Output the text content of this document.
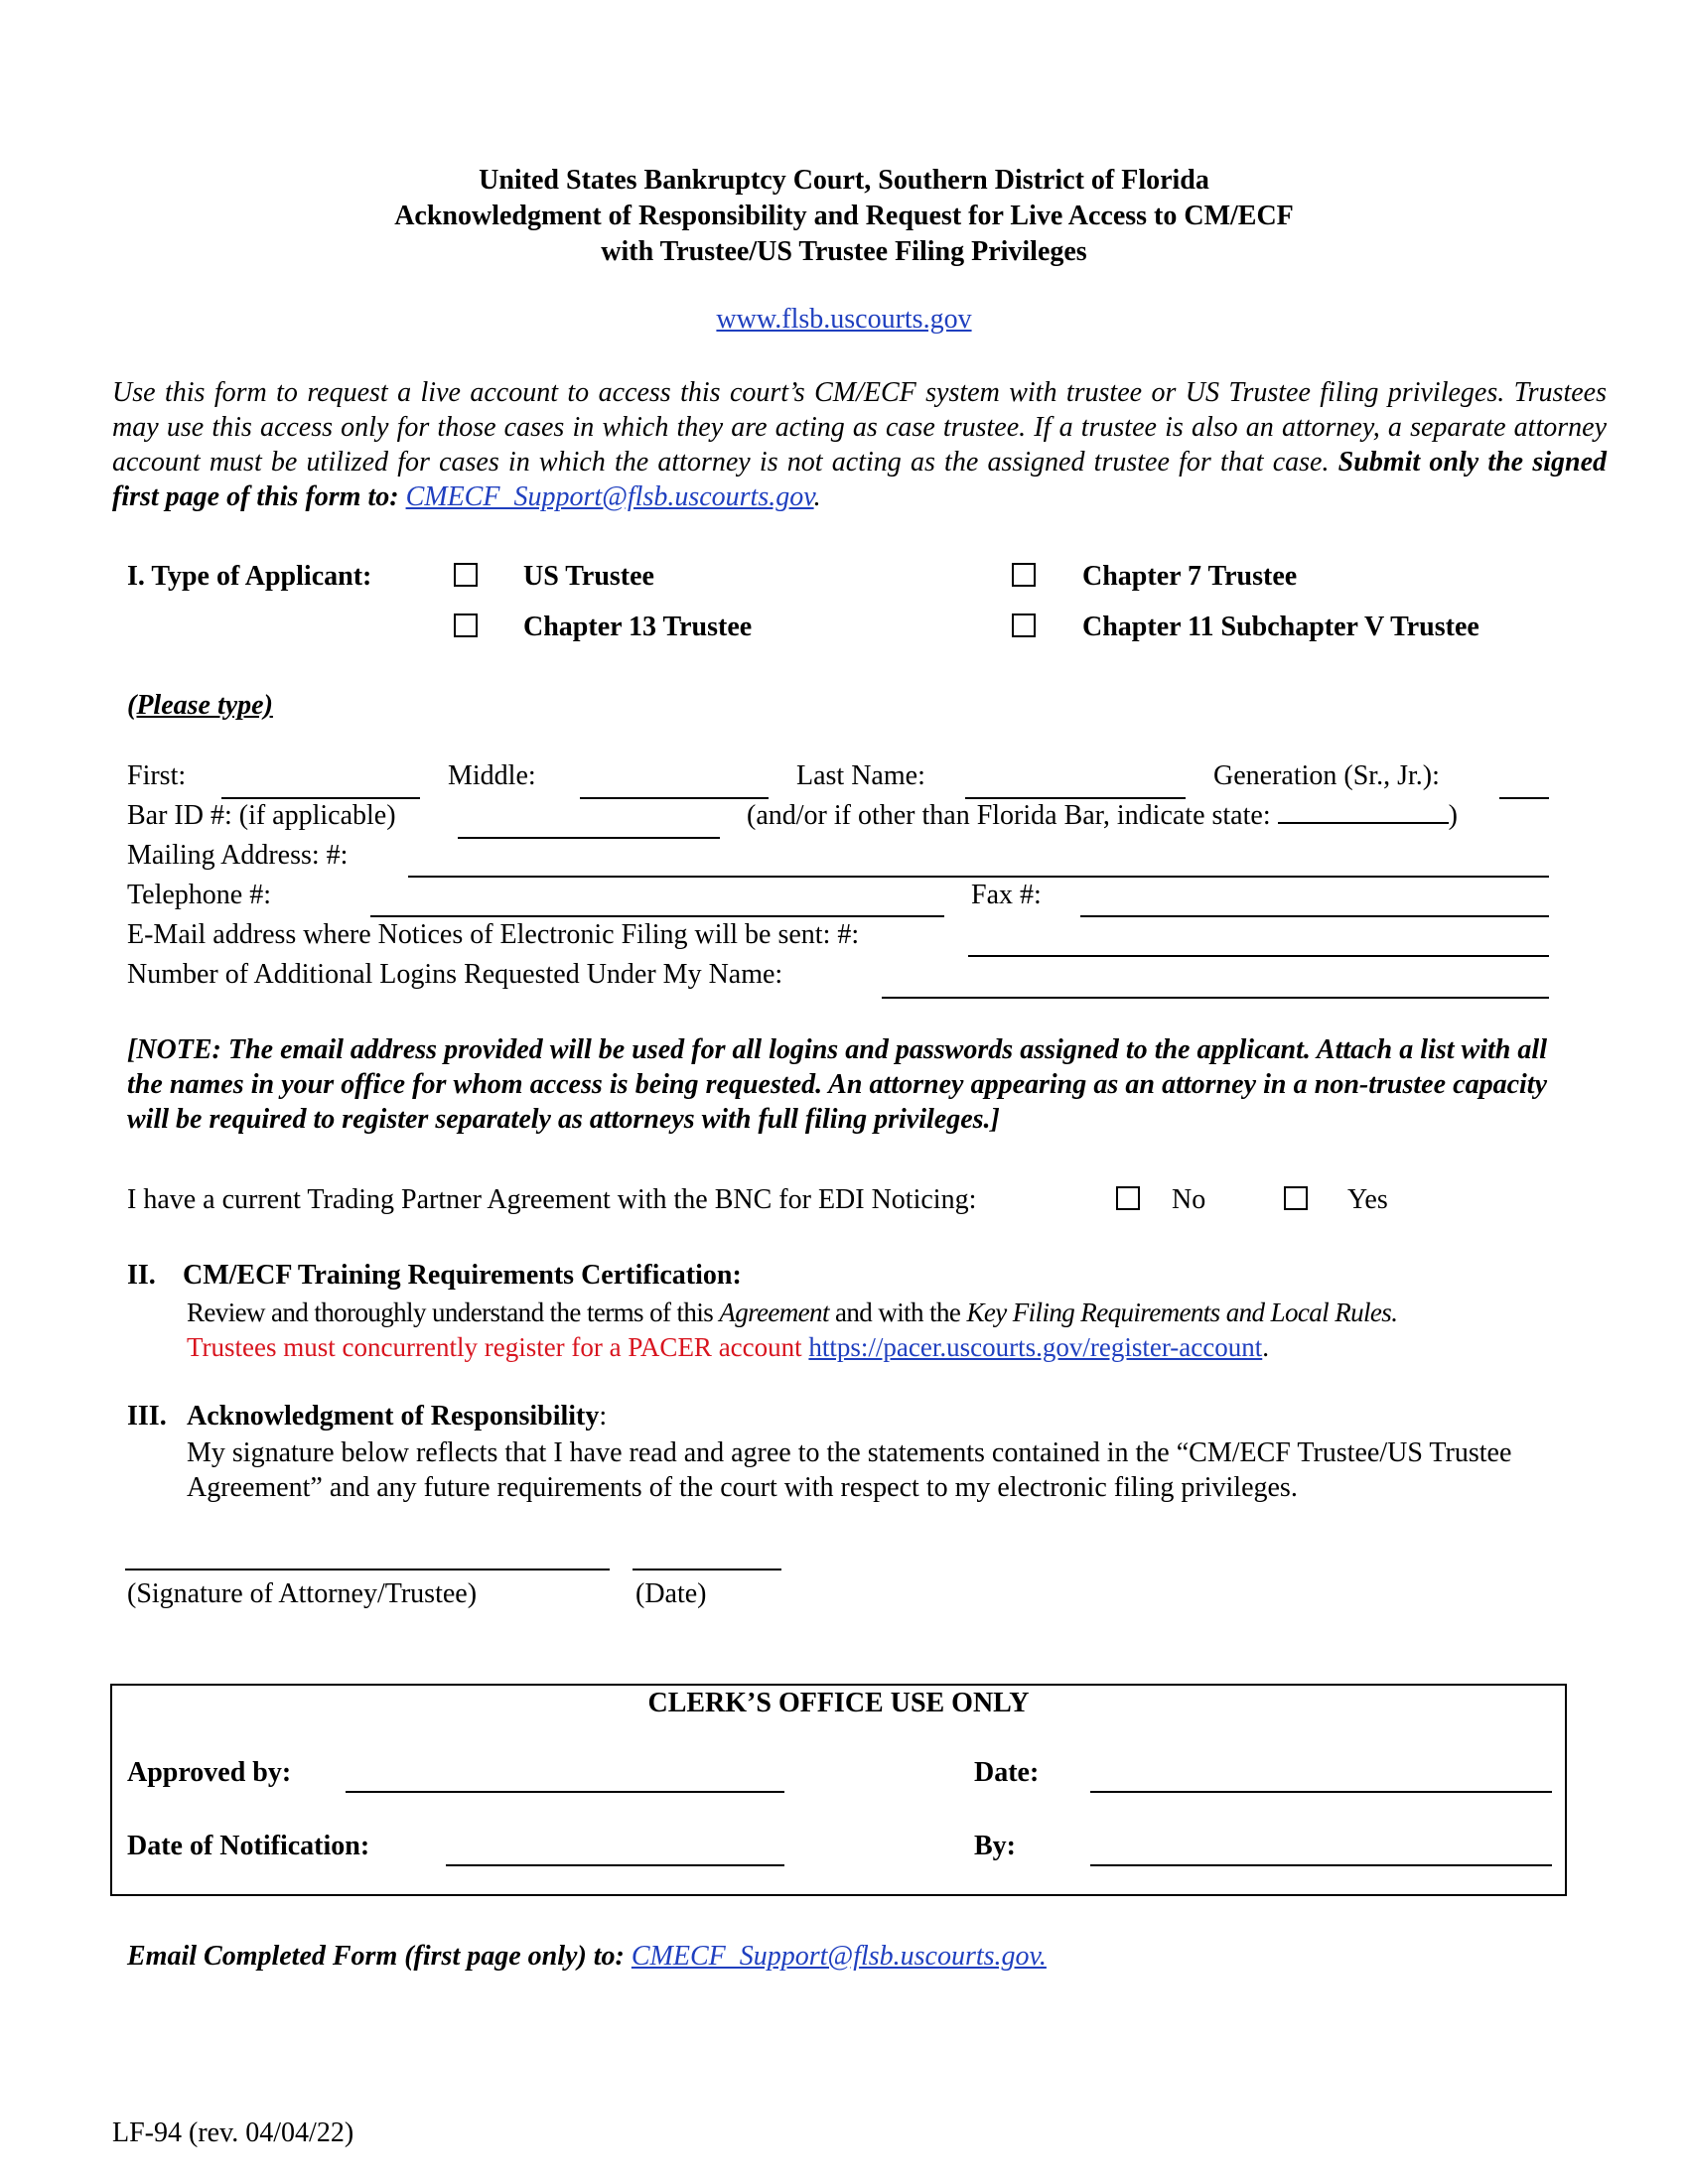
United States Bankruptcy Court, Southern District of Florida
Acknowledgment of Responsibility and Request for Live Access to CM/ECF
with Trustee/US Trustee Filing Privileges
www.flsb.uscourts.gov
Use this form to request a live account to access this court’s CM/ECF system with trustee or US Trustee filing privileges. Trustees may use this access only for those cases in which they are acting as case trustee. If a trustee is also an attorney, a separate attorney account must be utilized for cases in which the attorney is not acting as the assigned trustee for that case. Submit only the signed first page of this form to: CMECF_Support@flsb.uscourts.gov.
I. Type of Applicant:	US Trustee	Chapter 7 Trustee
Chapter 13 Trustee	Chapter 11 Subchapter V Trustee
(Please type)
First:	Middle:	Last Name:	Generation (Sr., Jr.):
Bar ID #: (if applicable)	(and/or if other than Florida Bar, indicate state:	)
Mailing Address: #:
Telephone #:	Fax #:
E-Mail address where Notices of Electronic Filing will be sent: #:
Number of Additional Logins Requested Under My Name:
[NOTE: The email address provided will be used for all logins and passwords assigned to the applicant. Attach a list with all the names in your office for whom access is being requested. An attorney appearing as an attorney in a non-trustee capacity will be required to register separately as attorneys with full filing privileges.]
I have a current Trading Partner Agreement with the BNC for EDI Noticing:	No	Yes
II. CM/ECF Training Requirements Certification:
Review and thoroughly understand the terms of this Agreement and with the Key Filing Requirements and Local Rules.
Trustees must concurrently register for a PACER account https://pacer.uscourts.gov/register-account.
III. Acknowledgment of Responsibility:
My signature below reflects that I have read and agree to the statements contained in the “CM/ECF Trustee/US Trustee Agreement” and any future requirements of the court with respect to my electronic filing privileges.
(Signature of Attorney/Trustee)	(Date)
CLERK’S OFFICE USE ONLY
Approved by:	Date:
Date of Notification:	By:
Email Completed Form (first page only) to: CMECF_Support@flsb.uscourts.gov.
LF-94 (rev. 04/04/22)
